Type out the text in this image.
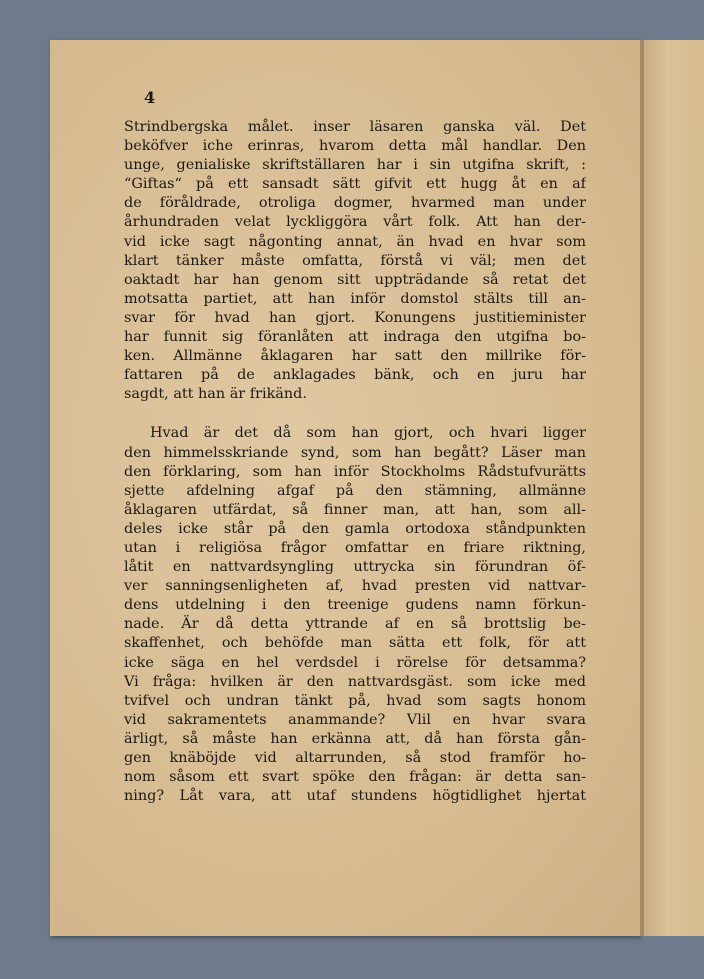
4
Strindbergska målet. inser läsaren ganska väl. Det
beköfver iche erinras, hvarom detta mål handlar. Den
unge, genialiske skriftställaren har i sin utgifna skrift, :
“Giftas“ på ett sansadt sätt gifvit ett hugg åt en af
de föråldrade, otroliga dogmer, hvarmed man under
århundraden velat lyckliggöra vårt folk. Att han der-
vid icke sagt någonting annat, än hvad en hvar som
klart tänker måste omfatta, förstå vi väl; men det
oaktadt har han genom sitt uppträdande så retat det
motsatta partiet, att han inför domstol stälts till an-
svar för hvad han gjort. Konungens justitieminister
har funnit sig föranlåten att indraga den utgifna bo-
ken. Allmänne åklagaren har satt den millrike för-
fattaren på de anklagades bänk, och en juru har
sagdt, att han är frikänd.
Hvad är det då som han gjort, och hvari ligger
den himmelsskriande synd, som han begått? Läser man
den förklaring, som han inför Stockholms Rådstufvurätts
sjette afdelning afgaf på den stämning, allmänne
åklagaren utfärdat, så finner man, att han, som all-
deles icke står på den gamla ortodoxa ståndpunkten
utan i religiösa frågor omfattar en friare riktning,
låtit en nattvardsyngling uttrycka sin förundran öf-
ver sanningsenligheten af, hvad presten vid nattvar-
dens utdelning i den treenige gudens namn förkun-
nade. Är då detta yttrande af en så brottslig be-
skaffenhet, och behöfde man sätta ett folk, för att
icke säga en hel verdsdel i rörelse för detsamma?
Vi fråga: hvilken är den nattvardsgäst. som icke med
tvifvel och undran tänkt på, hvad som sagts honom
vid sakramentets anammande? Vlil en hvar svara
ärligt, så måste han erkänna att, då han första gån-
gen knäböjde vid altarrunden, så stod framför ho-
nom såsom ett svart spöke den frågan: är detta san-
ning? Låt vara, att utaf stundens högtidlighet hjertat
